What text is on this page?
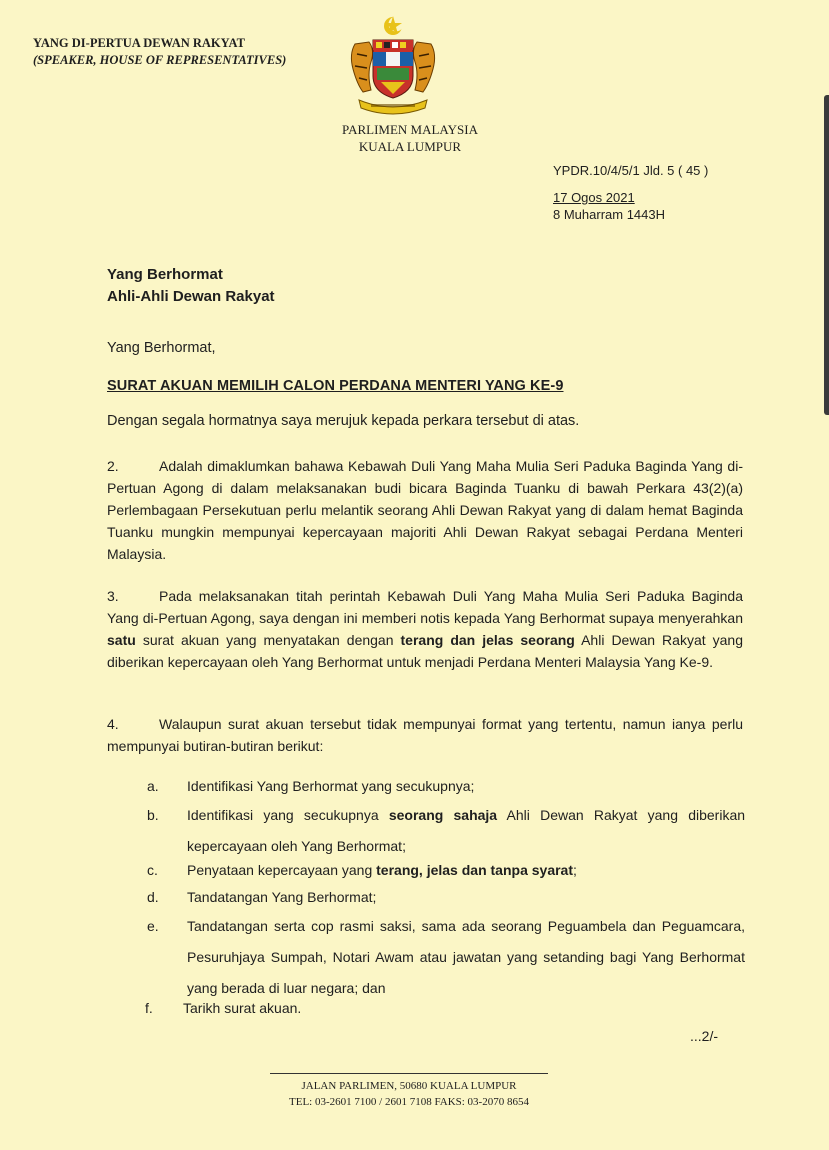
YANG DI-PERTUA DEWAN RAKYAT
(SPEAKER, HOUSE OF REPRESENTATIVES)
PARLIMEN MALAYSIA
KUALA LUMPUR
YPDR.10/4/5/1 Jld. 5 ( 45 )
17 Ogos 2021
8 Muharram 1443H
Yang Berhormat
Ahli-Ahli Dewan Rakyat
Yang Berhormat,
SURAT AKUAN MEMILIH CALON PERDANA MENTERI YANG KE-9
Dengan segala hormatnya saya merujuk kepada perkara tersebut di atas.
2.	Adalah dimaklumkan bahawa Kebawah Duli Yang Maha Mulia Seri Paduka Baginda Yang di-Pertuan Agong di dalam melaksanakan budi bicara Baginda Tuanku di bawah Perkara 43(2)(a) Perlembagaan Persekutuan perlu melantik seorang Ahli Dewan Rakyat yang di dalam hemat Baginda Tuanku mungkin mempunyai kepercayaan majoriti Ahli Dewan Rakyat sebagai Perdana Menteri Malaysia.
3.	Pada melaksanakan titah perintah Kebawah Duli Yang Maha Mulia Seri Paduka Baginda Yang di-Pertuan Agong, saya dengan ini memberi notis kepada Yang Berhormat supaya menyerahkan satu surat akuan yang menyatakan dengan terang dan jelas seorang Ahli Dewan Rakyat yang diberikan kepercayaan oleh Yang Berhormat untuk menjadi Perdana Menteri Malaysia Yang Ke-9.
4.	Walaupun surat akuan tersebut tidak mempunyai format yang tertentu, namun ianya perlu mempunyai butiran-butiran berikut:
a. Identifikasi Yang Berhormat yang secukupnya;
b. Identifikasi yang secukupnya seorang sahaja Ahli Dewan Rakyat yang diberikan kepercayaan oleh Yang Berhormat;
c. Penyataan kepercayaan yang terang, jelas dan tanpa syarat;
d. Tandatangan Yang Berhormat;
e. Tandatangan serta cop rasmi saksi, sama ada seorang Peguambela dan Peguamcara, Pesuruhjaya Sumpah, Notari Awam atau jawatan yang setanding bagi Yang Berhormat yang berada di luar negara; dan
f. Tarikh surat akuan.
...2/-
JALAN PARLIMEN, 50680 KUALA LUMPUR
TEL: 03-2601 7100 / 2601 7108 FAKS: 03-2070 8654
